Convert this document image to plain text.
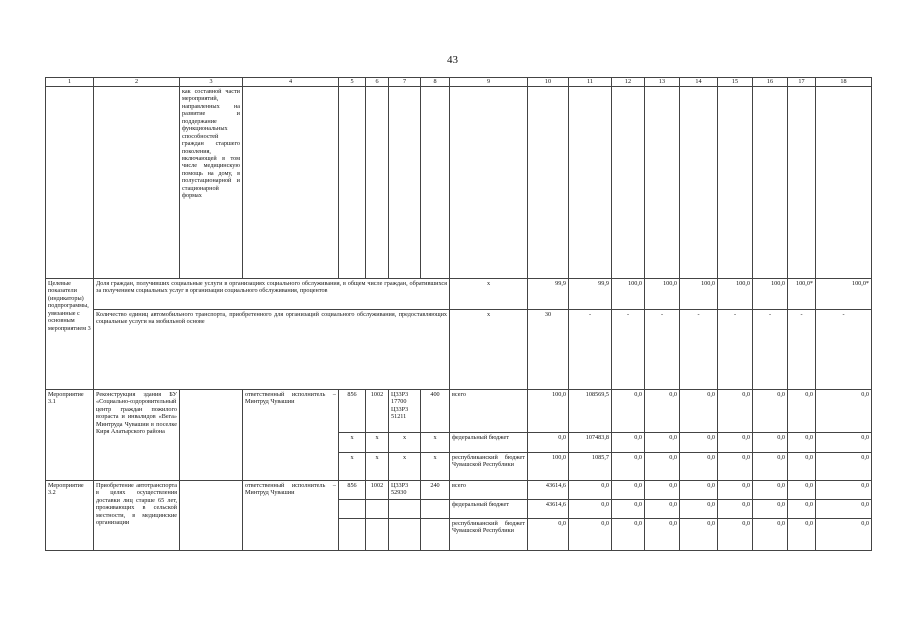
43
1	2	3	4	5	6	7	8	9	10	11	12	13	14	15	16	17	18
		как составной части мероприятий, направленных на развитие и поддержание функциональных способностей граждан старшего поколения, включающей в том числе медицинскую помощь на дому, в полустационарной и стационарной формах															
Целевые показатели (индикаторы) подпрограммы, увязанные с основным мероприятием 3	Доля граждан, получивших социальные услуги в организациях социального обслуживания, в общем числе граждан, обратившихся за получением социальных услуг в организации социального обслуживания, процентов							х	99,9	99,9	100,0	100,0	100,0	100,0	100,0	100,0*	100,0*
	Количество единиц автомобильного транспорта, приобретенного для организаций социального обслуживания, предоставляющих социальные услуги на мобильной основе							х	30	-	-	-	-	-	-	-	-
Мероприятие 3.1	Реконструкция здания БУ «Социально-оздоровительный центр граждан пожилого возраста и инвалидов «Вега» Минтруда Чувашии в поселке Киря Алатырского района		ответственный исполнитель – Минтруд Чувашии	856	1002	Ц33Р3 17700 Ц33Р3 51211	400	всего	100,0	108569,5	0,0	0,0	0,0	0,0	0,0	0,0	0,0
				х	х	х	х	федеральный бюджет	0,0	107483,8	0,0	0,0	0,0	0,0	0,0	0,0	0,0
				х	х	х	х	республиканский бюджет Чувашской Республики	100,0	1085,7	0,0	0,0	0,0	0,0	0,0	0,0	0,0
Мероприятие 3.2	Приобретение автотранспорта в целях осуществления доставки лиц старше 65 лет, проживающих в сельской местности, в медицинские организации		ответственный исполнитель – Минтруд Чувашии	856	1002	Ц33Р3 52930	240	всего	43614,6	0,0	0,0	0,0	0,0	0,0	0,0	0,0	0,0
								федеральный бюджет	43614,6	0,0	0,0	0,0	0,0	0,0	0,0	0,0	0,0
								республиканский бюджет Чувашской Республики	0,0	0,0	0,0	0,0	0,0	0,0	0,0	0,0	0,0
